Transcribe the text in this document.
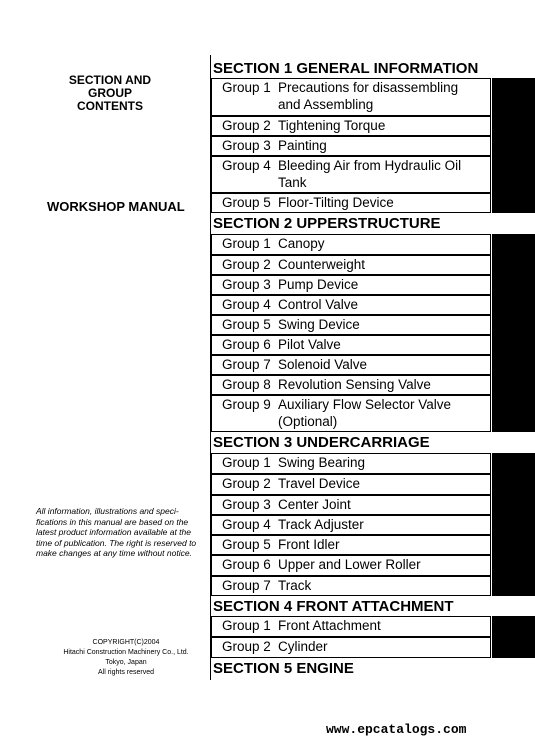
SECTION AND GROUP
CONTENTS
WORKSHOP MANUAL
All information, illustrations and speci-fications in this manual are based on the latest product information available at the time of publication. The right is reserved to make changes at any time without notice.
COPYRIGHT(C)2004
Hitachi Construction Machinery Co., Ltd.
Tokyo, Japan
All rights reserved
SECTION 1 GENERAL INFORMATION
Group 1 Precautions for disassembling and Assembling
Group 2 Tightening Torque
Group 3 Painting
Group 4 Bleeding Air from Hydraulic Oil Tank
Group 5 Floor-Tilting Device
SECTION 2 UPPERSTRUCTURE
Group 1 Canopy
Group 2 Counterweight
Group 3 Pump Device
Group 4 Control Valve
Group 5 Swing Device
Group 6 Pilot Valve
Group 7 Solenoid Valve
Group 8 Revolution Sensing Valve
Group 9 Auxiliary Flow Selector Valve (Optional)
SECTION 3 UNDERCARRIAGE
Group 1 Swing Bearing
Group 2 Travel Device
Group 3 Center Joint
Group 4 Track Adjuster
Group 5 Front Idler
Group 6 Upper and Lower Roller
Group 7 Track
SECTION 4 FRONT ATTACHMENT
Group 1 Front Attachment
Group 2 Cylinder
SECTION 5 ENGINE
www.epcatalogs.com
